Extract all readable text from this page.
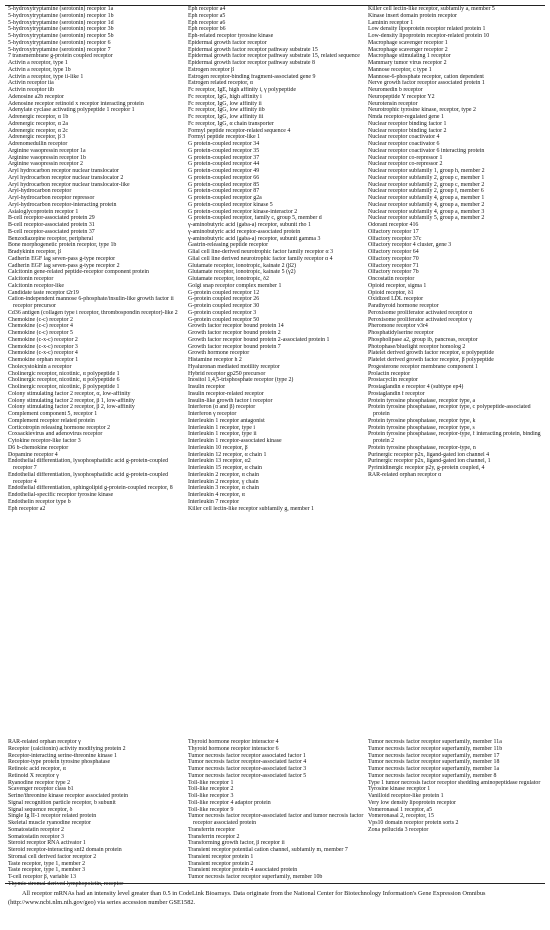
5-hydroxytryptamine (serotonin) receptor 1a
5-hydroxytryptamine (serotonin) receptor 1b
5-hydroxytryptamine (serotonin) receptor 1d
5-hydroxytryptamine (serotonin) receptor 3b
5-hydroxytryptamine (serotonin) receptor 5b
5-hydroxytryptamine (serotonin) receptor 6
5-hydroxytryptamine (serotonin) receptor 7
7 transmembrane g-protein coupled receptor
Activin a receptor, type 1
Activin a receptor, type 1b
Activin a receptor, type ii-like 1
Activin receptor iia
Activin receptor iib
Adenosine a2b receptor
Adenosine receptor retinoid x receptor interacting protein
Adenylate cyclase activating polypeptide 1 receptor 1
Adrenergic receptor, α 1b
Adrenergic receptor, α 2a
Adrenergic receptor, α 2c
Adrenergic receptor, β 3
Adrenomedullin receptor
Arginine vasopressin receptor 1a
Arginine vasopressin receptor 1b
Arginine vasopressin receptor 2
Aryl hydrocarbon receptor nuclear translocator
Aryl hydrocarbon receptor nuclear translocator 2
Aryl hydrocarbon receptor nuclear translocator-like
Aryl-hydrocarbon receptor
Aryl-hydrocarbon receptor repressor
Aryl-hydrocarbon receptor-interacting protein
Asialoglycoprotein receptor 1
B-cell receptor-associated protein 29
B-cell receptor-associated protein 31
B-cell receptor-associated protein 37
Benzodiazepine receptor, peripheral
Bone morphogenetic protein receptor, type 1b
Bradykinin receptor, β
Cadherin EGF lag seven-pass g-type receptor
Cadherin EGF lag seven-pass g-type receptor 2
Calcitonin gene-related peptide-receptor component protein
Calcitonin receptor
Calcitonin receptor-like
Candidate taste receptor t2r19
Cation-independent mannose 6-phosphate/insulin-like growth factor ii receptor precursor
Cd36 antigen (collagen type i receptor, thrombospondin receptor)-like 2
Chemokine (c-c) receptor 2
Chemokine (c-c) receptor 4
Chemokine (c-c) receptor 5
Chemokine (c-x-c) receptor 2
Chemokine (c-x-c) receptor 3
Chemokine (c-x-c) receptor 4
Chemokine orphan receptor 1
Cholecystokinin a receptor
Cholinergic receptor, nicotinic, α polypeptide 1
Cholinergic receptor, nicotinic, α polypeptide 6
Cholinergic receptor, nicotinic, β polypeptide 1
Colony stimulating factor 2 receptor, α, low-affinity
Colony stimulating factor 2 receptor, β 1, low-affinity
Colony stimulating factor 2 receptor, β 2, low-affinity
Complement component 5, receptor 1
Complement receptor related protein
Corticotropin releasing hormone receptor 2
Coxsackievirus and adenovirus receptor
Cytokine receptor-like factor 3
D6 b-chemokine receptor
Dopamine receptor 4
Endothelial differentiation, lysophosphatidic acid g-protein-coupled receptor 7
Endothelial differentiation, lysophosphatidic acid g-protein-coupled receptor 4
Endothelial differentiation, sphingolipid g-protein-coupled receptor, 8
Endothelial-specific receptor tyrosine kinase
Endothelin receptor type b
Eph receptor a2
Eph receptor a4
Eph receptor a5
Eph receptor a6
Eph receptor b6
Eph-related receptor tyrosine kinase
Epidermal growth factor receptor
Epidermal growth factor receptor pathway substrate 15
Epidermal growth factor receptor pathway substrate 15, related sequence
Epidermal growth factor receptor pathway substrate 8
Estrogen receptor β
Estrogen receptor-binding fragment-associated gene 9
Estrogen related receptor, α
Fc receptor, IgE, high affinity i, γ polypeptide
Fc receptor, IgG, high affinity i
Fc receptor, IgG, low affinity ii
Fc receptor, IgG, low affinity iib
Fc receptor, IgG, low affinity iii
Fc receptor, IgG, α chain transporter
Formyl peptide receptor-related sequence 4
Formyl peptide receptor-like 1
G protein-coupled receptor 34
G protein-coupled receptor 35
G protein-coupled receptor 37
G protein-coupled receptor 44
G protein-coupled receptor 49
G protein-coupled receptor 66
G protein-coupled receptor 85
G protein-coupled receptor 87
G protein-coupled receptor g2a
G protein-coupled receptor kinase 5
G protein-coupled receptor kinase-interactor 2
G protein-coupled receptor, family c, group 5, member d
γ-aminobutyric acid (gaba-a) receptor, subunit rho 1
γ-aminobutyric acid receptor-associated protein
γ-aminobutyric acid (gaba-a) receptor, subunit gamma 3
Gastrin-releasing peptide receptor
Glial cell line-derived neurotrophic factor family receptor α 3
Glial cell line derived neurotrophic factor family receptor α 4
Glutamate receptor, ionotropic, kainate 2 (β2)
Glutamate receptor, ionotropic, kainate 5 (γ2)
Glutamate receptor, ionotropic, δ2
Golgi snap receptor complex member 1
G-protein coupled receptor 12
G-protein coupled receptor 26
G-protein coupled receptor 30
G-protein coupled receptor 3
G-protein coupled receptor 50
Growth factor receptor bound protein 14
Growth factor receptor bound protein 2
Growth factor receptor bound protein 2-associated protein 1
Growth factor receptor bound protein 7
Growth hormone receptor
Histamine receptor h 2
Hyaluronan mediated motility receptor
Hybrid receptor gp250 precursor
Inositol 1,4,5-trisphosphate receptor (type 2)
Insulin receptor
Insulin receptor-related receptor
Insulin-like growth factor i receptor
Interferon (α and β) receptor
Interferon γ receptor
Interleukin 1 receptor antagonist
Interleukin 1 receptor, type i
Interleukin 1 receptor, type ii
Interleukin 1 receptor-associated kinase
Interleukin 10 receptor, β
Interleukin 12 receptor, α chain 1
Interleukin 13 receptor, α2
Interleukin 15 receptor, α chain
Interleukin 2 receptor, α chain
Interleukin 2 receptor, γ chain
Interleukin 3 receptor, α chain
Interleukin 4 receptor, α
Interleukin 7 receptor
Killer cell lectin-like receptor subfamily g, member 1
Killer cell lectin-like receptor, subfamily a, member 5
Kinase insert domain protein receptor
Laminin receptor 1
Low density lipoprotein receptor related protein 1
Low-density lipoprotein receptor-related protein 10
Macrophage scavenger receptor 1
Macrophage scavenger receptor 2
Macrophage stimulating 1 receptor
Mammary tumor virus receptor 2
Mannose receptor, c type 1
Mannose-6-phosphate receptor, cation dependent
Nerve growth factor receptor associated protein 1
Neuromedin b receptor
Neuropeptide Y receptor Y2
Neurotensin receptor
Neurotrophic tyrosine kinase, receptor, type 2
Nmda receptor-regulated gene 1
Nuclear receptor binding factor 1
Nuclear receptor binding factor 2
Nuclear receptor coactivator 4
Nuclear receptor coactivator 6
Nuclear receptor coactivator 6 interacting protein
Nuclear receptor co-repressor 1
Nuclear receptor co-repressor 2
Nuclear receptor subfamily 1, group h, member 2
Nuclear receptor subfamily 2, group c, member 1
Nuclear receptor subfamily 2, group c, member 2
Nuclear receptor subfamily 2, group f, member 6
Nuclear receptor subfamily 4, group a, member 1
Nuclear receptor subfamily 4, group a, member 2
Nuclear receptor subfamily 4, group a, member 3
Nuclear receptor subfamily 5, group a, member 2
Odorant receptor 416
Olfactory receptor 17
Olfactory receptor 37c
Olfactory receptor 4 cluster, gene 3
Olfactory receptor 64
Olfactory receptor 70
Olfactory receptor 71
Olfactory receptor 7b
Oncostatin receptor
Opioid receptor, sigma 1
Opioid receptor, δ1
Oxidized LDL receptor
Parathyroid hormone receptor
Peroxisome proliferator activated receptor α
Peroxisome proliferator activated receptor γ
Pheromone receptor v3r4
Phosphatidylserine receptor
Phospholipase a2, group ib, pancreas, receptor
Photophase/bluelight receptor homolog 2
Platelet derived growth factor receptor, α polypeptide
Platelet derived growth factor receptor, β polypeptide
Progesterone receptor membrane component 1
Prolactin receptor
Prostacyclin receptor
Prostaglandin e receptor 4 (subtype ep4)
Prostaglandin f receptor
Protein tyrosine phosphatase, receptor type, a
Protein tyrosine phosphatase, receptor type, c polypeptide-associated protein
Protein tyrosine phosphatase, receptor type, k
Protein tyrosine phosphatase, receptor type, s
Protein tyrosine phosphatase, receptor-type, f interacting protein, binding protein 2
Protein tyrosine phosphatase, receptor-type, n
Purinergic receptor p2x, ligand-gated ion channel 4
Purinergic receptor p2x, ligand-gated ion channel, 1
Pyrimidinergic receptor p2y, g-protein coupled, 4
RAR-related orphan receptor α
RAR-related orphan receptor γ
Receptor (calcitonin) activity modifying protein 2
Receptor-interacting serine-threonine kinase 1
Receptor-type protein tyrosine phosphatase
Retinoic acid receptor, α
Retinoid X receptor γ
Ryanodine receptor type 2
Scavenger receptor class b1
Serine/threonine kinase receptor associated protein
Signal recognition particle receptor, b subunit
Signal sequence receptor, δ
Single Ig II-1 receptor related protein
Skeletal muscle ryanodine receptor
Somatostatin receptor 2
Somatostatin receptor 3
Steroid receptor RNA activator 1
Steroid receptor-interacting snf2 domain protein
Stromal cell derived factor receptor 2
Taste receptor, type 1, member 2
Taste receptor, type 1, member 3
T-cell receptor β, variable 13
Thymic stromal-derived lymphopoietin, receptor
Thyroid hormone receptor interactor 4
Thyroid hormone receptor interactor 6
Tumor necrosis factor receptor associated factor 1
Tumor necrosis factor receptor-associated factor 4
Tumor necrosis factor receptor-associated factor 3
Tumor necrosis factor receptor-associated factor 5
Toll-like receptor 1
Toll-like receptor 2
Toll-like receptor 3
Toll-like receptor 4 adaptor protein
Toll-like receptor 9
Tumor necrosis factor receptor-associated factor and tumor necrosis factor receptor associated protein
Transferrin receptor
Transferrin receptor 2
Transforming growth factor, β receptor ii
Transient receptor potential cation channel, subfamily m, member 7
Transient receptor protein 1
Transient receptor protein 2
Transient receptor protein 4 associated protein
Tumor necrosis factor receptor superfamily, member 10b
Tumor necrosis factor receptor superfamily, member 11a
Tumor necrosis factor receptor superfamily, member 11b
Tumor necrosis factor receptor superfamily, member 17
Tumor necrosis factor receptor superfamily, member 18
Tumor necrosis factor receptor superfamily, member 1a
Tumor necrosis factor receptor superfamily, member 8
Type 1 tumor necrosis factor receptor shedding aminopeptidase regulator
Tyrosine kinase receptor 1
Vanilloid receptor-like protein 1
Very low density lipoprotein receptor
Vomeronasal 1 receptor, a5
Vomeronasal 2, receptor, 15
Vps10 domain receptor protein sorts 2
Zona pellucida 3 receptor
All receptor mRNAs had an intensity level greater than 0.5 in CodeLink Bioarrays. Data originate from the National Center for Biotechnology Information's Gene Expression Omnibus (http://www.ncbi.nlm.nih.gov/geo) via series accession number GSE1582.
